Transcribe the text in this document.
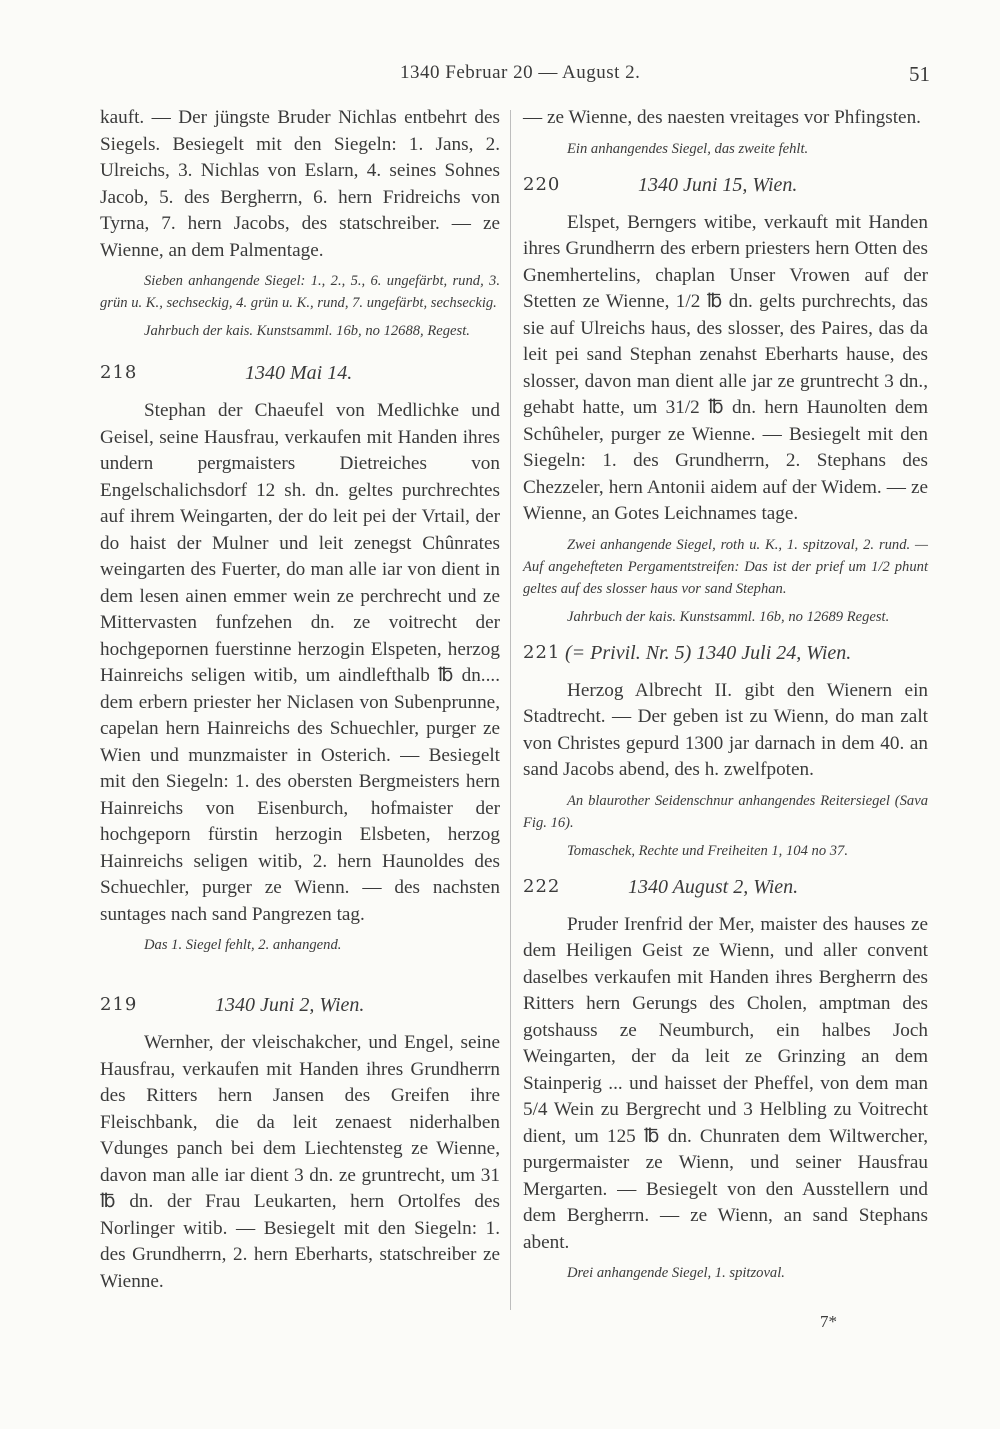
1340 Februar 20 — August 2.	51

kauft. — Der jüngste Bruder Nichlas entbehrt des Siegels. Besiegelt mit den Siegeln: 1. Jans, 2. Ulreichs, 3. Nichlas von Eslarn, 4. seines Sohnes Jacob, 5. des Bergherrn, 6. hern Fridreichs von Tyrna, 7. hern Jacobs, des statschreiber. — ze Wienne, an dem Palmentage.

Sieben anhangende Siegel: 1., 2., 5., 6. ungefärbt, rund, 3. grün u. K., sechseckig, 4. grün u. K., rund, 7. ungefärbt, sechseckig.

Jahrbuch der kais. Kunstsamml. 16b, no 12688, Regest.

218	1340 Mai 14.

Stephan der Chaeufel von Medlichke und Geisel, seine Hausfrau, verkaufen mit Handen ihres undern pergmaisters Dietreiches von Engelschalichsdorf 12 sh. dn. geltes purchrechtes auf ihrem Weingarten, der do leit pei der Vrtail, der do haist der Mulner und leit zenegst Chûnrates weingarten des Fuerter, do man alle iar von dient in dem lesen ainen emmer wein ze perchrecht und ze Mittervasten funfzehen dn. ze voitrecht der hochgepornen fuerstinne herzogin Elspeten, herzog Hainreichs seligen witib, um aindlefthalb ℔ dn.... dem erbern priester her Niclasen von Subenprunne, capelan hern Hainreichs des Schuechler, purger ze Wien und munzmaister in Osterich. — Besiegelt mit den Siegeln: 1. des obersten Bergmeisters hern Hainreichs von Eisenburch, hofmaister der hochgeporn fürstin herzogin Elsbeten, herzog Hainreichs seligen witib, 2. hern Haunoldes des Schuechler, purger ze Wienn. — des nachsten suntages nach sand Pangrezen tag.

Das 1. Siegel fehlt, 2. anhangend.

219	1340 Juni 2, Wien.

Wernher, der vleischakcher, und Engel, seine Hausfrau, verkaufen mit Handen ihres Grundherrn des Ritters hern Jansen des Greifen ihre Fleischbank, die da leit zenaest niderhalben Vdunges panch bei dem Liechtensteg ze Wienne, davon man alle iar dient 3 dn. ze gruntrecht, um 31 ℔ dn. der Frau Leukarten, hern Ortolfes des Norlinger witib. — Besiegelt mit den Siegeln: 1. des Grundherrn, 2. hern Eberharts, statschreiber ze Wienne.

— ze Wienne, des naesten vreitages vor Phfingsten.

Ein anhangendes Siegel, das zweite fehlt.

220	1340 Juni 15, Wien.

Elspet, Berngers witibe, verkauft mit Handen ihres Grundherrn des erbern priesters hern Otten des Gnemhertelins, chaplan Unser Vrowen auf der Stetten ze Wienne, 1/2 ℔ dn. gelts purchrechts, das sie auf Ulreichs haus, des slosser, des Paires, das da leit pei sand Stephan zenahst Eberharts hause, des slosser, davon man dient alle jar ze gruntrecht 3 dn., gehabt hatte, um 31/2 ℔ dn. hern Haunolten dem Schûheler, purger ze Wienne. — Besiegelt mit den Siegeln: 1. des Grundherrn, 2. Stephans des Chezzeler, hern Antonii aidem auf der Widem. — ze Wienne, an Gotes Leichnames tage.

Zwei anhangende Siegel, roth u. K., 1. spitzoval, 2. rund. — Auf angehefteten Pergamentstreifen: Das ist der prief um 1/2 phunt geltes auf des slosser haus vor sand Stephan.

Jahrbuch der kais. Kunstsamml. 16b, no 12689 Regest.

221 (= Privil. Nr. 5) 1340 Juli 24, Wien.

Herzog Albrecht II. gibt den Wienern ein Stadtrecht. — Der geben ist zu Wienn, do man zalt von Christes gepurd 1300 jar darnach in dem 40. an sand Jacobs abend, des h. zwelfpoten.

An blaurother Seidenschnur anhangendes Reitersiegel (Sava Fig. 16).

Tomaschek, Rechte und Freiheiten 1, 104 no 37.

222	1340 August 2, Wien.

Pruder Irenfrid der Mer, maister des hauses ze dem Heiligen Geist ze Wienn, und aller convent daselbes verkaufen mit Handen ihres Bergherrn des Ritters hern Gerungs des Cholen, amptman des gotshauss ze Neumburch, ein halbes Joch Weingarten, der da leit ze Grinzing an dem Stainperig ... und haisset der Pheffel, von dem man 5/4 Wein zu Bergrecht und 3 Helbling zu Voitrecht dient, um 125 ℔ dn. Chunraten dem Wiltwercher, purgermaister ze Wienn, und seiner Hausfrau Mergarten. — Besiegelt von den Ausstellern und dem Bergherrn. — ze Wienn, an sand Stephans abent.

Drei anhangende Siegel, 1. spitzoval.

7*
